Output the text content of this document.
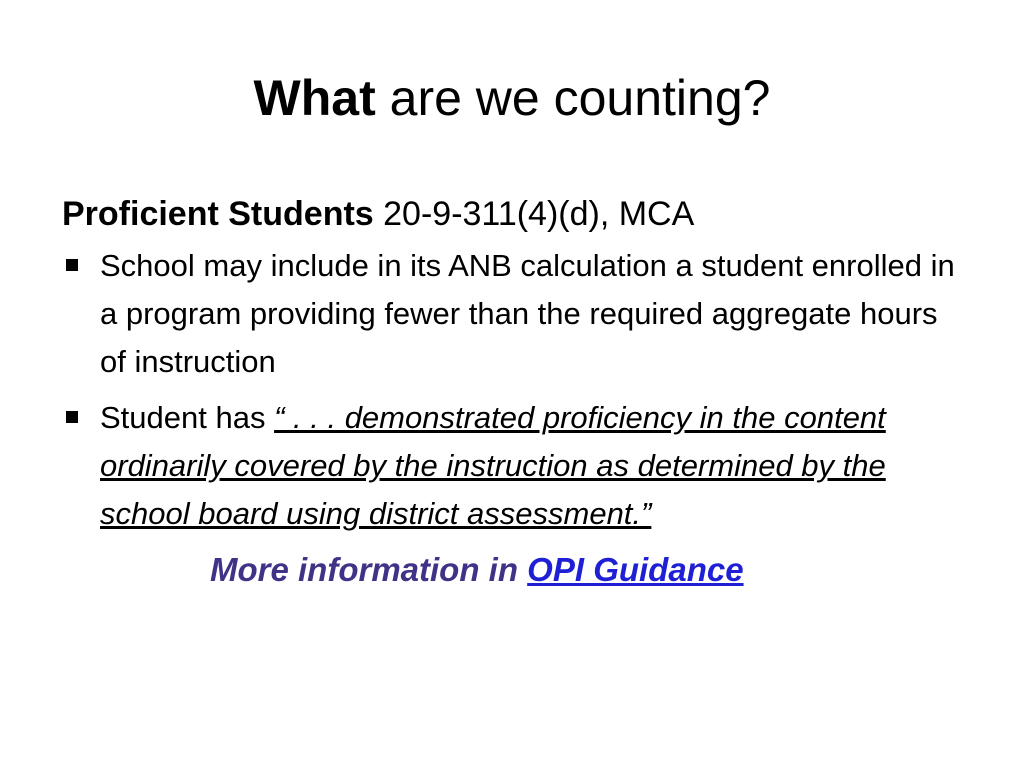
What are we counting?
Proficient Students 20-9-311(4)(d), MCA
School may include in its ANB calculation a student enrolled in a program providing fewer than the required aggregate hours of instruction
Student has “ . . . demonstrated proficiency in the content ordinarily covered by the instruction as determined by the school board using district assessment.”
More information in OPI Guidance
